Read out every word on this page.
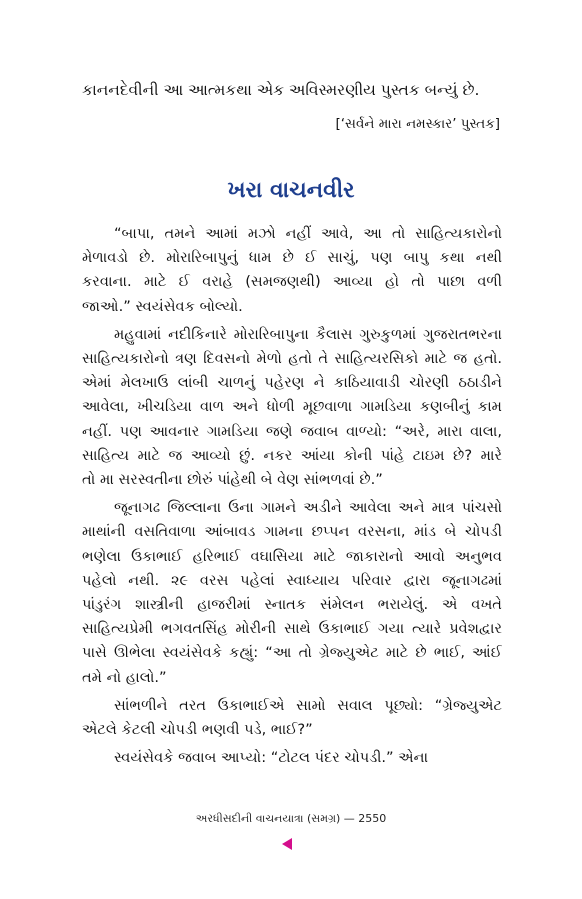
કાનનદેવીની આ આત્મકથા એક અવિસ્મરણીય પુસ્તક બન્યું છે.
[‘સર્વને મારા નમસ્કાર’ પુસ્તક]
ખરા વાચનવીર
“બાપા, તમને આમાં મઝો નહીં આવે, આ તો સાહિત્યકારોનો
મેળાવડો છે. મોરારિબાપુનું ધામ છે ઈ સાચું, પણ બાપુ કથા નથી
કરવાના. માટે ઈ વરાહે (સમજણથી) આવ્યા હો તો પાછા વળી
જાઓ.” સ્વયંસેવક બોલ્યો.
મહુવામાં નદીકિનારે મોરારિબાપુના કૈલાસ ગુરુકુળમાં ગુજરાતભરના
સાહિત્યકારોનો ત્રણ દિવસનો મેળો હતો તે સાહિત્યરસિકો માટે જ હતો.
એમાં મેલખાઉ લાંબી ચાળનું પહેરણ ને કાઠિયાવાડી ચોરણી ઠઠાડીને
આવેલા, ખીચડિયા વાળ અને ધોળી મૂછવાળા ગામડિયા કણબીનું કામ
નહીં. પણ આવનાર ગામડિયા જણે જવાબ વાળ્યો: “અરે, મારા વાલા,
સાહિત્ય માટે જ આવ્યો છું. નકર આંયા કોની પાંહે ટાઇમ છે? મારે
તો મા સરસ્વતીના છોરું પાંહેથી બે વેણ સાંભળવાં છે.”
જૂનાગઢ જિલ્લાના ઉના ગામને અડીને આવેલા અને માત્ર પાંચસો
માથાંની વસતિવાળા આંબાવડ ગામના છપ્પન વરસના, માંડ બે ચોપડી
ભણેલા ઉકાભાઈ હરિભાઈ વઘાસિયા માટે જાકારાનો આવો અનુભવ
પહેલો નથી. ૨૯ વરસ પહેલાં સ્વાધ્યાય પરિવાર દ્વારા જૂનાગઢમાં
પાંડુરંગ શાસ્ત્રીની હાજરીમાં સ્નાતક સંમેલન ભરાયેલું. એ વખતે
સાહિત્યપ્રેમી ભગવતસિંહ મોરીની સાથે ઉકાભાઈ ગયા ત્યારે પ્રવેશદ્વાર
પાસે ઊભેલા સ્વયંસેવકે કહ્યું: “આ તો ગ્રેજ્યુએટ માટે છે ભાઈ, આંઈ
તમે નો હાલો.”
સાંભળીને તરત ઉકાભાઈએ સામો સવાલ પૂછ્યો: “ગ્રેજ્યુએટ
એટલે કેટલી ચોપડી ભણવી પડે, ભાઈ?”
સ્વયંસેવકે જવાબ આપ્યો: “ટોટલ પંદર ચોપડી.” એના
અરધીસદીની વાચનયાત્રા (સમગ્ર) — 2550
